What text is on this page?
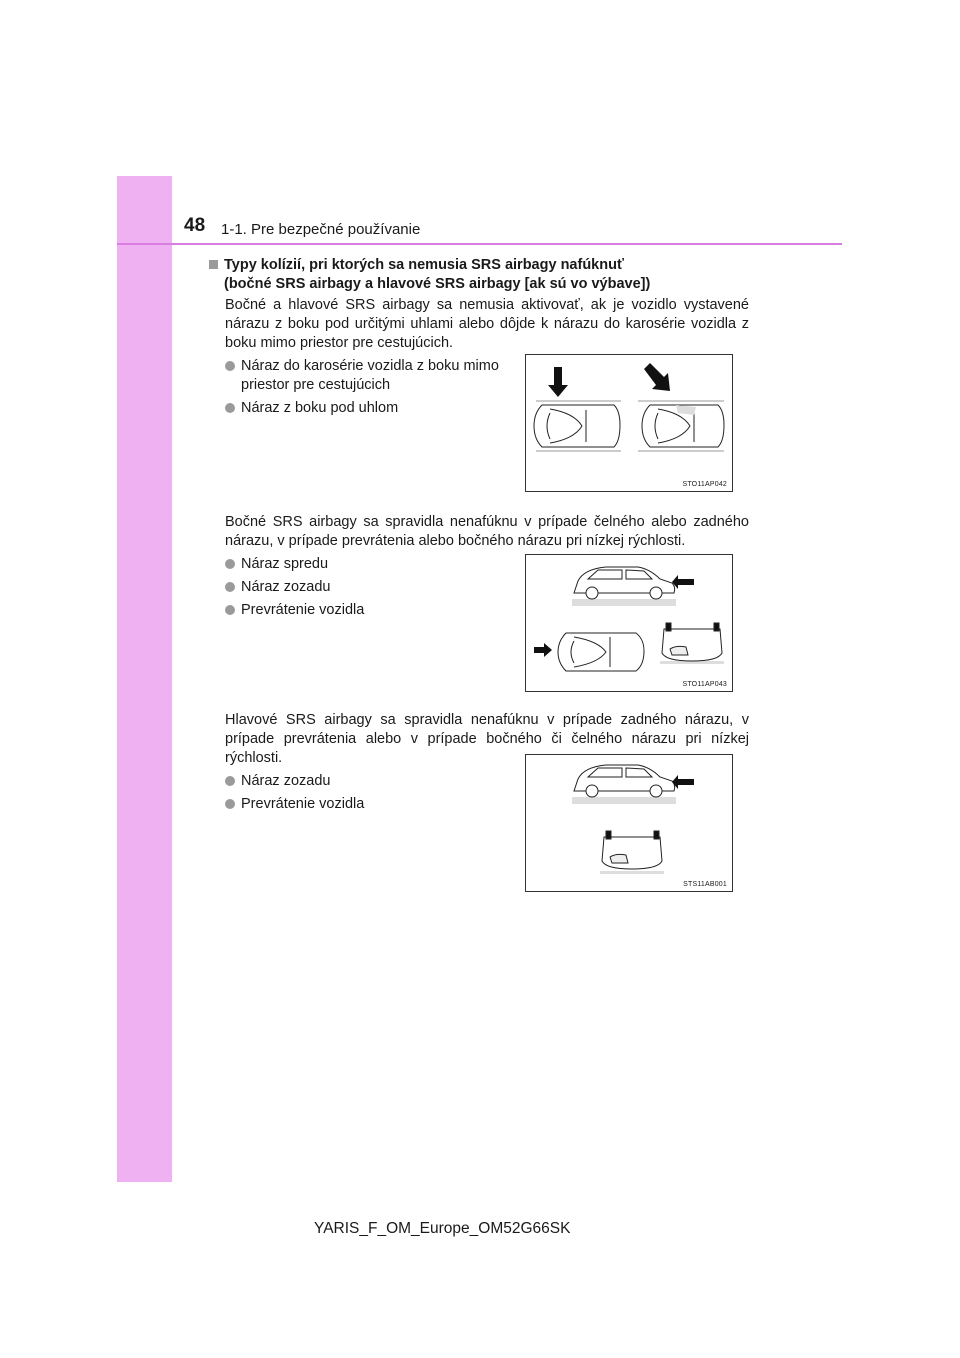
48 1-1. Pre bezpečné používanie
Typy kolízií, pri ktorých sa nemusia SRS airbagy nafúknuť
(bočné SRS airbagy a hlavové SRS airbagy [ak sú vo výbave])
Bočné a hlavové SRS airbagy sa nemusia aktivovať, ak je vozidlo vystavené nárazu z boku pod určitými uhlami alebo dôjde k nárazu do karosérie vozidla z boku mimo priestor pre cestujúcich.
Náraz do karosérie vozidla z boku mimo priestor pre cestujúcich
Náraz z boku pod uhlom
Bočné SRS airbagy sa spravidla nenafúknu v prípade čelného alebo zadného nárazu, v prípade prevrátenia alebo bočného nárazu pri nízkej rýchlosti.
Náraz spredu
Náraz zozadu
Prevrátenie vozidla
Hlavové SRS airbagy sa spravidla nenafúknu v prípade zadného nárazu, v prípade prevrátenia alebo v prípade bočného či čelného nárazu pri nízkej rýchlosti.
Náraz zozadu
Prevrátenie vozidla
STO11AP042
STO11AP043
STS11AB001
YARIS_F_OM_Europe_OM52G66SK
